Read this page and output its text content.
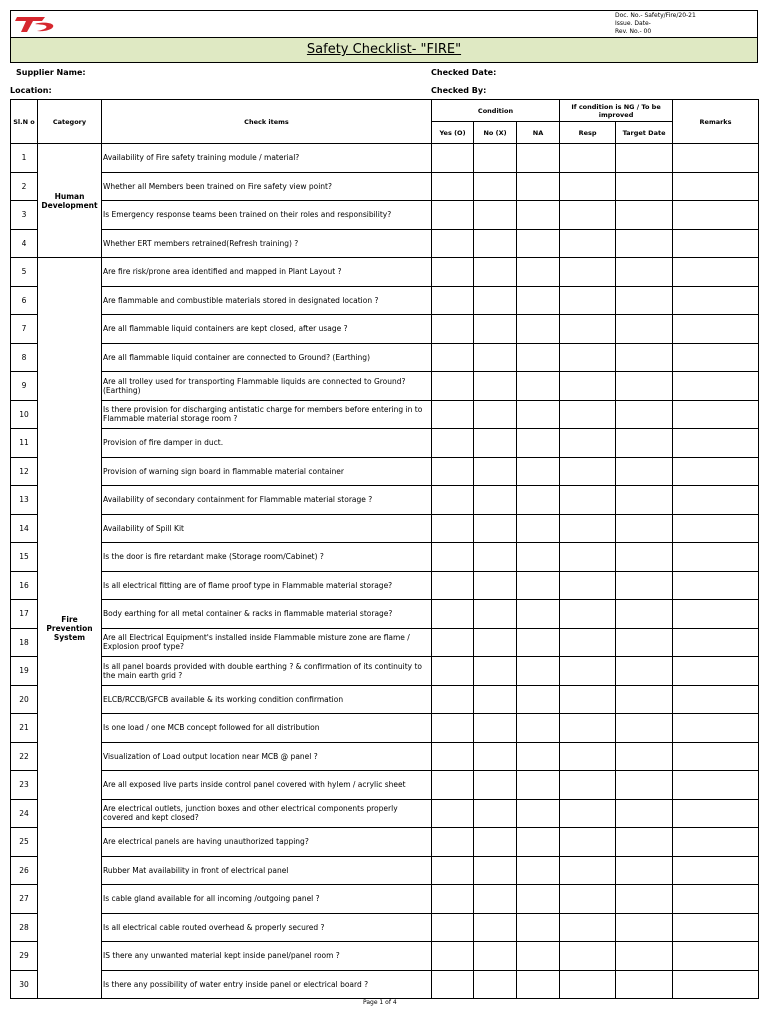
Doc. No.- Safety/Fire/20-21
Issue. Date-
Rev. No.- 00
Safety Checklist- "FIRE"
Supplier Name:
Location:
Checked Date:
Checked By:
Sl.N o	Category	Check items	Condition			If condition is NG / To be improved		Remarks
			Yes (O)	No (X)	NA	Resp	Target Date	
1	Human Development	Availability of Fire safety training module / material?						
2		Whether all Members been trained on Fire safety view point?						
3		Is Emergency response teams been trained on their roles and responsibility?						
4		Whether ERT members retrained(Refresh training) ?						
5	Fire Prevention System	Are fire risk/prone area identified and mapped in Plant Layout ?						
6		Are flammable and combustible materials stored in designated location ?						
7		Are all flammable liquid containers are kept closed, after usage ?						
8		Are all flammable liquid container are connected to Ground? (Earthing)						
9		Are all trolley used for transporting Flammable liquids are connected to Ground? (Earthing)						
10		Is there provision for discharging antistatic charge for members before entering in to Flammable material storage room ?						
11		Provision of fire damper in duct.						
12		Provision of warning sign board in flammable material container						
13		Availability of secondary containment for Flammable material storage ?						
14		Availability of Spill Kit						
15		Is the door is fire retardant make (Storage room/Cabinet) ?						
16		Is all electrical fitting are of flame proof type in Flammable material storage?						
17		Body earthing for all metal container & racks in flammable material storage?						
18		Are all Electrical Equipment's installed inside Flammable misture zone are flame / Explosion proof type?						
19		Is all panel boards provided with double earthing ? & confirmation of its continuity to the main earth grid ?						
20		ELCB/RCCB/GFCB available & its working condition confirmation						
21		Is one load / one MCB concept followed for all distribution						
22		Visualization of Load output location near MCB @ panel ?						
23		Are all exposed live parts inside control panel covered with hylem / acrylic sheet						
24		Are electrical outlets, junction boxes and other electrical components properly covered and kept closed?						
25		Are electrical panels are having unauthorized tapping?						
26		Rubber Mat availability in front of electrical panel						
27		Is cable gland available for all incoming /outgoing panel ?						
28		Is all electrical cable routed overhead & properly secured ?						
29		IS there any unwanted material kept inside panel/panel room ?						
30		Is there any possibility of water entry inside panel or electrical board ?						
Page 1 of 4
